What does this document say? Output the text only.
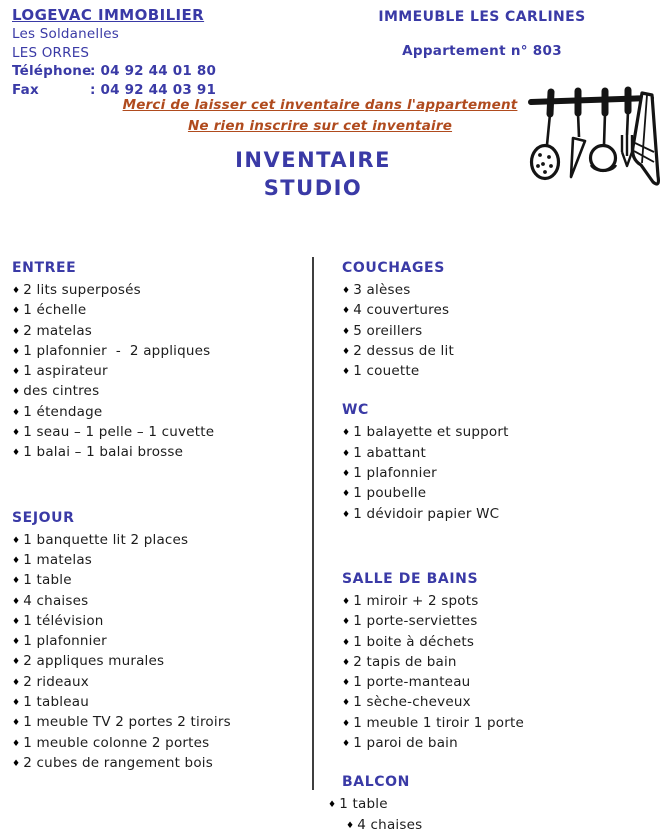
LOGEVAC IMMOBILIER
Les Soldanelles
LES ORRES
Téléphone
: 04 92 44 01 80
Fax	: 04 92 44 03 91
IMMEUBLE LES CARLINES
Appartement n° 803
Merci de laisser cet inventaire dans l'appartement
Ne rien inscrire sur cet inventaire
INVENTAIRE
STUDIO
ENTREE
♦ 2 lits superposés
♦ 1 échelle
♦ 2 matelas
♦ 1 plafonnier  -  2 appliques
♦ 1 aspirateur
♦ des cintres
♦ 1 étendage
♦ 1 seau – 1 pelle – 1 cuvette
♦ 1 balai – 1 balai brosse
SEJOUR
♦ 1 banquette lit 2 places
♦ 1 matelas
♦ 1 table
♦ 4 chaises
♦ 1 télévision
♦ 1 plafonnier
♦ 2 appliques murales
♦ 2 rideaux
♦ 1 tableau
♦ 1 meuble TV 2 portes 2 tiroirs
♦ 1 meuble colonne 2 portes
♦ 2 cubes de rangement bois
COUCHAGES
♦ 3 alèses
♦ 4 couvertures
♦ 5 oreillers
♦ 2 dessus de lit
♦ 1 couette
WC
♦ 1 balayette et support
♦ 1 abattant
♦ 1 plafonnier
♦ 1 poubelle
♦ 1 dévidoir papier WC
SALLE DE BAINS
♦ 1 miroir + 2 spots
♦ 1 porte-serviettes
♦ 1 boite à déchets
♦ 2 tapis de bain
♦ 1 porte-manteau
♦ 1 sèche-cheveux
♦ 1 meuble 1 tiroir 1 porte
♦ 1 paroi de bain
BALCON
♦ 1 table
♦ 4 chaises
